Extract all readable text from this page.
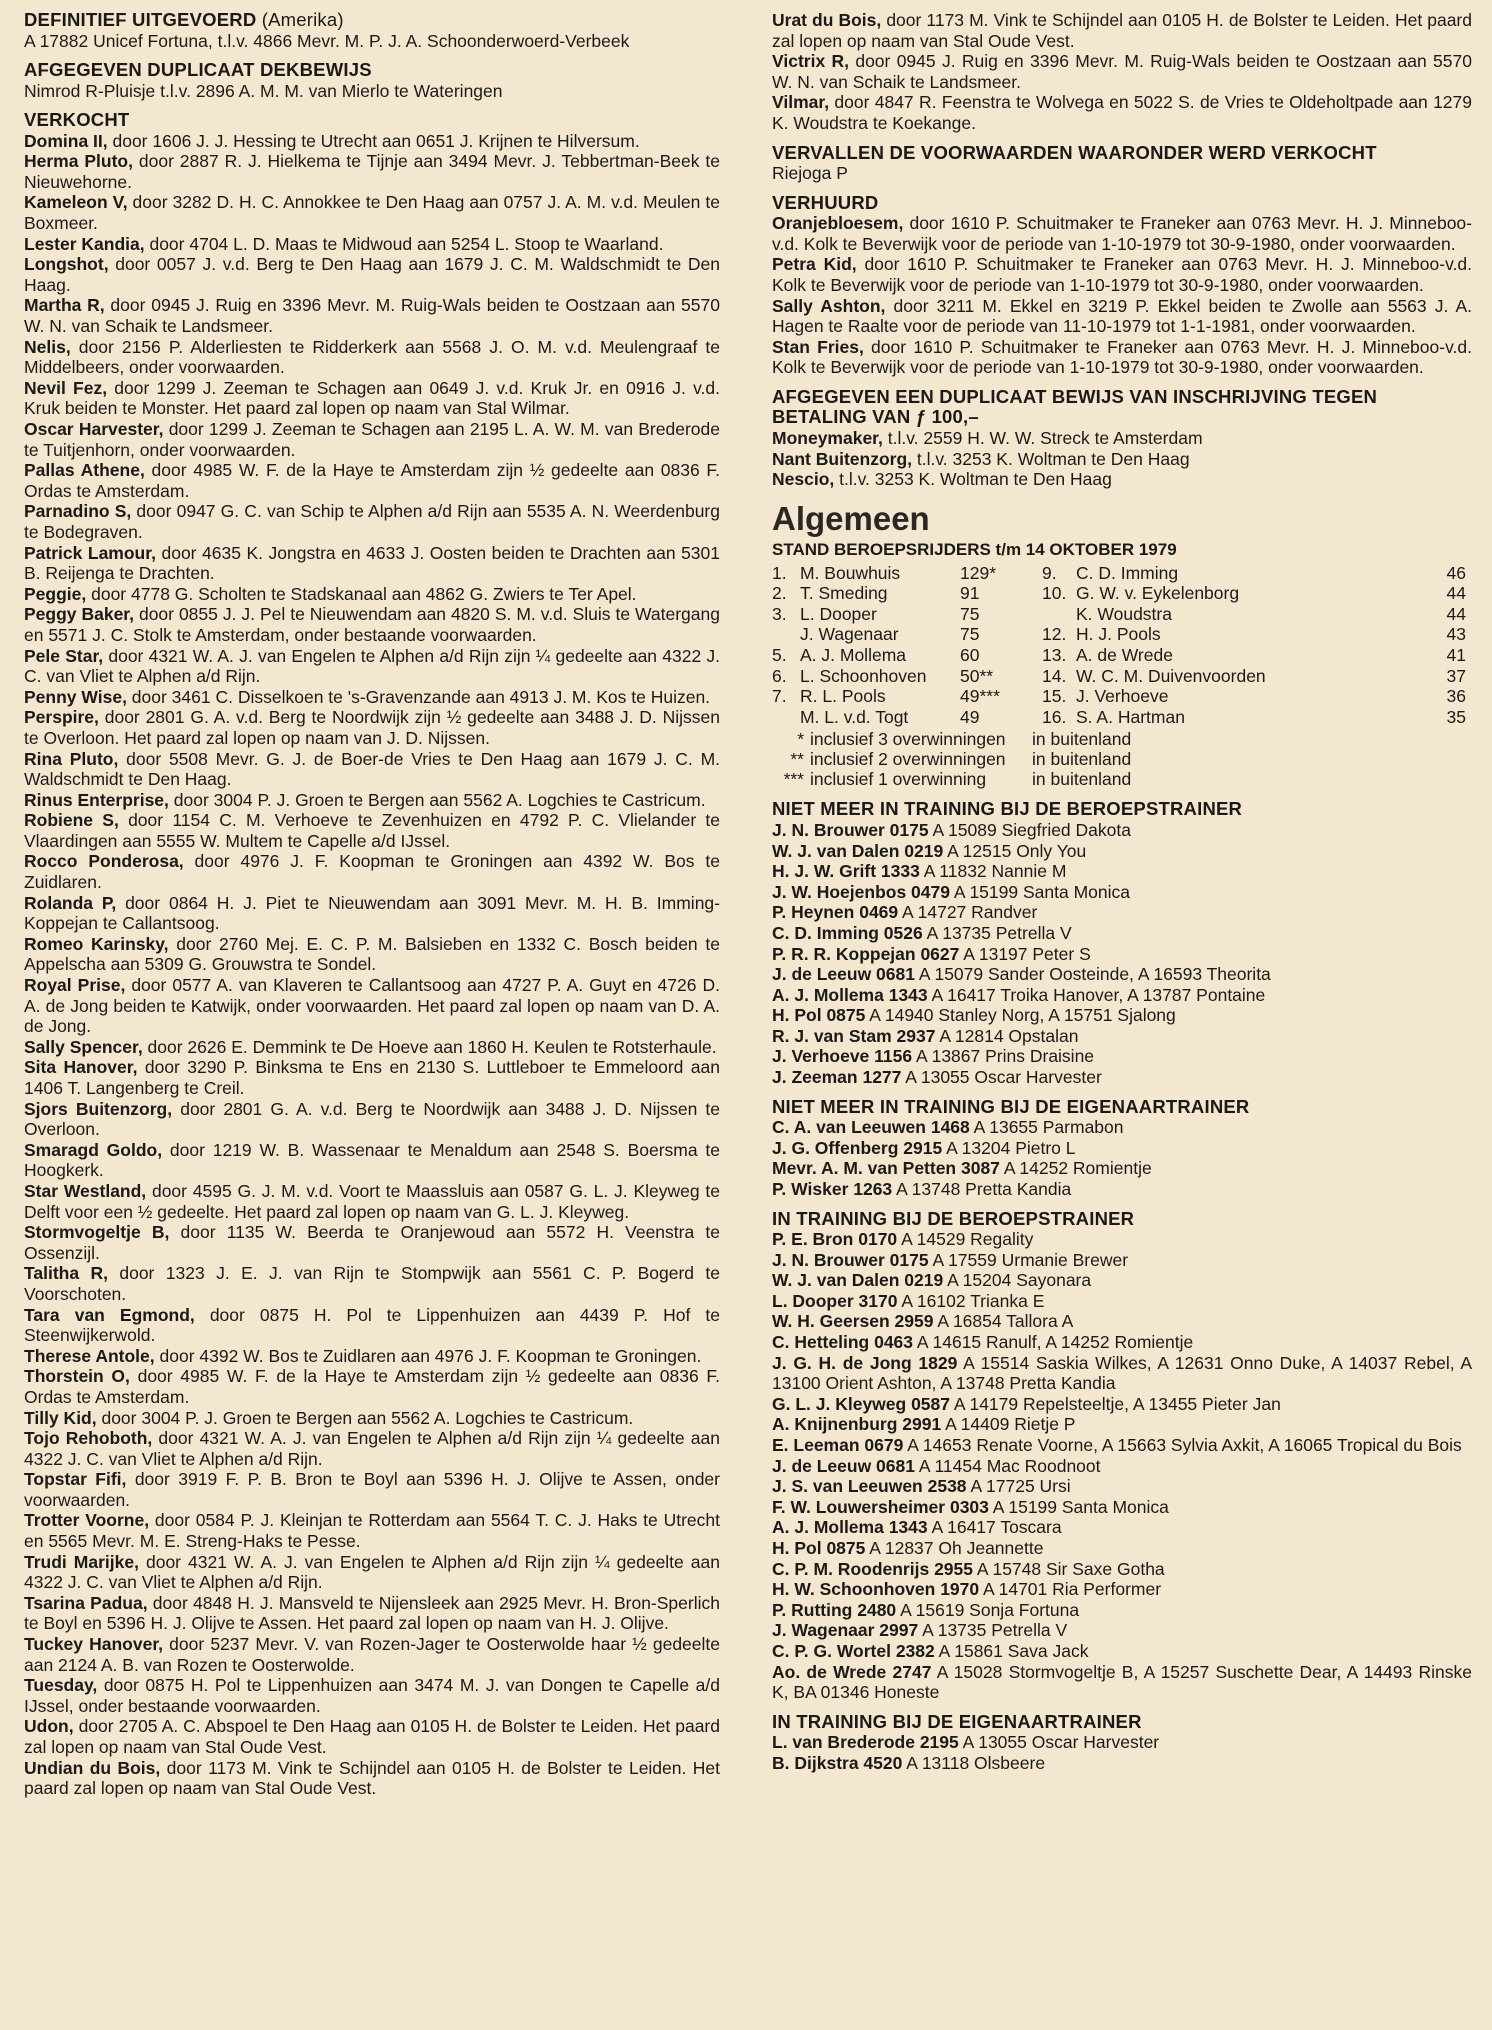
DEFINITIEF UITGEVOERD (Amerika)
A 17882 Unicef Fortuna, t.l.v. 4866 Mevr. M. P. J. A. Schoonderwoerd-Verbeek
AFGEGEVEN DUPLICAAT DEKBEWIJS
Nimrod R-Pluisje t.l.v. 2896 A. M. M. van Mierlo te Wateringen
VERKOCHT
Domina II, door 1606 J. J. Hessing te Utrecht aan 0651 J. Krijnen te Hilversum.
Herma Pluto, door 2887 R. J. Hielkema te Tijnje aan 3494 Mevr. J. Tebbertman-Beek te Nieuwehorne.
Kameleon V, door 3282 D. H. C. Annokkee te Den Haag aan 0757 J. A. M. v.d. Meulen te Boxmeer.
Lester Kandia, door 4704 L. D. Maas te Midwoud aan 5254 L. Stoop te Waarland.
Longshot, door 0057 J. v.d. Berg te Den Haag aan 1679 J. C. M. Waldschmidt te Den Haag.
Martha R, door 0945 J. Ruig en 3396 Mevr. M. Ruig-Wals beiden te Oostzaan aan 5570 W. N. van Schaik te Landsmeer.
Nelis, door 2156 P. Alderliesten te Ridderkerk aan 5568 J. O. M. v.d. Meulengraaf te Middelbeers, onder voorwaarden.
Nevil Fez, door 1299 J. Zeeman te Schagen aan 0649 J. v.d. Kruk Jr. en 0916 J. v.d. Kruk beiden te Monster. Het paard zal lopen op naam van Stal Wilmar.
Oscar Harvester, door 1299 J. Zeeman te Schagen aan 2195 L. A. W. M. van Brederode te Tuitjenhorn, onder voorwaarden.
Pallas Athene, door 4985 W. F. de la Haye te Amsterdam zijn ½ gedeelte aan 0836 F. Ordas te Amsterdam.
Parnadino S, door 0947 G. C. van Schip te Alphen a/d Rijn aan 5535 A. N. Weerdenburg te Bodegraven.
Patrick Lamour, door 4635 K. Jongstra en 4633 J. Oosten beiden te Drachten aan 5301 B. Reijenga te Drachten.
Peggie, door 4778 G. Scholten te Stadskanaal aan 4862 G. Zwiers te Ter Apel.
Peggy Baker, door 0855 J. J. Pel te Nieuwendam aan 4820 S. M. v.d. Sluis te Watergang en 5571 J. C. Stolk te Amsterdam, onder bestaande voorwaarden.
Pele Star, door 4321 W. A. J. van Engelen te Alphen a/d Rijn zijn ¼ gedeelte aan 4322 J. C. van Vliet te Alphen a/d Rijn.
Penny Wise, door 3461 C. Disselkoen te 's-Gravenzande aan 4913 J. M. Kos te Huizen.
Perspire, door 2801 G. A. v.d. Berg te Noordwijk zijn ½ gedeelte aan 3488 J. D. Nijssen te Overloon. Het paard zal lopen op naam van J. D. Nijssen.
Rina Pluto, door 5508 Mevr. G. J. de Boer-de Vries te Den Haag aan 1679 J. C. M. Waldschmidt te Den Haag.
Rinus Enterprise, door 3004 P. J. Groen te Bergen aan 5562 A. Logchies te Castricum.
Robiene S, door 1154 C. M. Verhoeve te Zevenhuizen en 4792 P. C. Vlielander te Vlaardingen aan 5555 W. Multem te Capelle a/d IJssel.
Rocco Ponderosa, door 4976 J. F. Koopman te Groningen aan 4392 W. Bos te Zuidlaren.
Rolanda P, door 0864 H. J. Piet te Nieuwendam aan 3091 Mevr. M. H. B. Imming-Koppejan te Callantsoog.
Romeo Karinsky, door 2760 Mej. E. C. P. M. Balsieben en 1332 C. Bosch beiden te Appelscha aan 5309 G. Grouwstra te Sondel.
Royal Prise, door 0577 A. van Klaveren te Callantsoog aan 4727 P. A. Guyt en 4726 D. A. de Jong beiden te Katwijk, onder voorwaarden. Het paard zal lopen op naam van D. A. de Jong.
Sally Spencer, door 2626 E. Demmink te De Hoeve aan 1860 H. Keulen te Rotsterhaule.
Sita Hanover, door 3290 P. Binksma te Ens en 2130 S. Luttleboer te Emmeloord aan 1406 T. Langenberg te Creil.
Sjors Buitenzorg, door 2801 G. A. v.d. Berg te Noordwijk aan 3488 J. D. Nijssen te Overloon.
Smaragd Goldo, door 1219 W. B. Wassenaar te Menaldum aan 2548 S. Boersma te Hoogkerk.
Star Westland, door 4595 G. J. M. v.d. Voort te Maassluis aan 0587 G. L. J. Kleyweg te Delft voor een ½ gedeelte. Het paard zal lopen op naam van G. L. J. Kleyweg.
Stormvogeltje B, door 1135 W. Beerda te Oranjewoud aan 5572 H. Veenstra te Ossenzijl.
Talitha R, door 1323 J. E. J. van Rijn te Stompwijk aan 5561 C. P. Bogerd te Voorschoten.
Tara van Egmond, door 0875 H. Pol te Lippenhuizen aan 4439 P. Hof te Steenwijkerwold.
Therese Antole, door 4392 W. Bos te Zuidlaren aan 4976 J. F. Koopman te Groningen.
Thorstein O, door 4985 W. F. de la Haye te Amsterdam zijn ½ gedeelte aan 0836 F. Ordas te Amsterdam.
Tilly Kid, door 3004 P. J. Groen te Bergen aan 5562 A. Logchies te Castricum.
Tojo Rehoboth, door 4321 W. A. J. van Engelen te Alphen a/d Rijn zijn ¼ gedeelte aan 4322 J. C. van Vliet te Alphen a/d Rijn.
Topstar Fifi, door 3919 F. P. B. Bron te Boyl aan 5396 H. J. Olijve te Assen, onder voorwaarden.
Trotter Voorne, door 0584 P. J. Kleinjan te Rotterdam aan 5564 T. C. J. Haks te Utrecht en 5565 Mevr. M. E. Streng-Haks te Pesse.
Trudi Marijke, door 4321 W. A. J. van Engelen te Alphen a/d Rijn zijn ¼ gedeelte aan 4322 J. C. van Vliet te Alphen a/d Rijn.
Tsarina Padua, door 4848 H. J. Mansveld te Nijensleek aan 2925 Mevr. H. Bron-Sperlich te Boyl en 5396 H. J. Olijve te Assen. Het paard zal lopen op naam van H. J. Olijve.
Tuckey Hanover, door 5237 Mevr. V. van Rozen-Jager te Oosterwolde haar ½ gedeelte aan 2124 A. B. van Rozen te Oosterwolde.
Tuesday, door 0875 H. Pol te Lippenhuizen aan 3474 M. J. van Dongen te Capelle a/d IJssel, onder bestaande voorwaarden.
Udon, door 2705 A. C. Abspoel te Den Haag aan 0105 H. de Bolster te Leiden. Het paard zal lopen op naam van Stal Oude Vest.
Undian du Bois, door 1173 M. Vink te Schijndel aan 0105 H. de Bolster te Leiden. Het paard zal lopen op naam van Stal Oude Vest.
Urat du Bois, door 1173 M. Vink te Schijndel aan 0105 H. de Bolster te Leiden. Het paard zal lopen op naam van Stal Oude Vest.
Victrix R, door 0945 J. Ruig en 3396 Mevr. M. Ruig-Wals beiden te Oostzaan aan 5570 W. N. van Schaik te Landsmeer.
Vilmar, door 4847 R. Feenstra te Wolvega en 5022 S. de Vries te Oldeholtpade aan 1279 K. Woudstra te Koekange.
VERVALLEN DE VOORWAARDEN WAARONDER WERD VERKOCHT
Riejoga P
VERHUURD
Oranjebloesem, door 1610 P. Schuitmaker te Franeker aan 0763 Mevr. H. J. Minneboo-v.d. Kolk te Beverwijk voor de periode van 1-10-1979 tot 30-9-1980, onder voorwaarden.
Petra Kid, door 1610 P. Schuitmaker te Franeker aan 0763 Mevr. H. J. Minneboo-v.d. Kolk te Beverwijk voor de periode van 1-10-1979 tot 30-9-1980, onder voorwaarden.
Sally Ashton, door 3211 M. Ekkel en 3219 P. Ekkel beiden te Zwolle aan 5563 J. A. Hagen te Raalte voor de periode van 11-10-1979 tot 1-1-1981, onder voorwaarden.
Stan Fries, door 1610 P. Schuitmaker te Franeker aan 0763 Mevr. H. J. Minneboo-v.d. Kolk te Beverwijk voor de periode van 1-10-1979 tot 30-9-1980, onder voorwaarden.
AFGEGEVEN EEN DUPLICAAT BEWIJS VAN INSCHRIJVING TEGEN BETALING VAN ƒ 100,–
Moneymaker, t.l.v. 2559 H. W. W. Streck te Amsterdam
Nant Buitenzorg, t.l.v. 3253 K. Woltman te Den Haag
Nescio, t.l.v. 3253 K. Woltman te Den Haag
Algemeen
STAND BEROEPSRIJDERS t/m 14 OKTOBER 1979
1.	M. Bouwhuis	129*	9.	C. D. Imming	46
2.	T. Smeding	91	10.	G. W. v. Eykelenborg	44
3.	L. Dooper	75		K. Woudstra	44
	J. Wagenaar	75	12.	H. J. Pools	43
5.	A. J. Mollema	60	13.	A. de Wrede	41
6.	L. Schoonhoven	50**	14.	W. C. M. Duivenvoorden	37
7.	R. L. Pools	49***	15.	J. Verhoeve	36
	M. L. v.d. Togt	49	16.	S. A. Hartman	35
* inclusief 3 overwinningen in buitenland
** inclusief 2 overwinningen in buitenland
*** inclusief 1 overwinning	in buitenland
NIET MEER IN TRAINING BIJ DE BEROEPSTRAINER
J. N. Brouwer 0175 A 15089 Siegfried Dakota
W. J. van Dalen 0219 A 12515 Only You
H. J. W. Grift 1333 A 11832 Nannie M
J. W. Hoejenbos 0479 A 15199 Santa Monica
P. Heynen 0469 A 14727 Randver
C. D. Imming 0526 A 13735 Petrella V
P. R. R. Koppejan 0627 A 13197 Peter S
J. de Leeuw 0681 A 15079 Sander Oosteinde, A 16593 Theorita
A. J. Mollema 1343 A 16417 Troika Hanover, A 13787 Pontaine
H. Pol 0875 A 14940 Stanley Norg, A 15751 Sjalong
R. J. van Stam 2937 A 12814 Opstalan
J. Verhoeve 1156 A 13867 Prins Draisine
J. Zeeman 1277 A 13055 Oscar Harvester
NIET MEER IN TRAINING BIJ DE EIGENAARTRAINER
C. A. van Leeuwen 1468 A 13655 Parmabon
J. G. Offenberg 2915 A 13204 Pietro L
Mevr. A. M. van Petten 3087 A 14252 Romientje
P. Wisker 1263 A 13748 Pretta Kandia
IN TRAINING BIJ DE BEROEPSTRAINER
P. E. Bron 0170 A 14529 Regality
J. N. Brouwer 0175 A 17559 Urmanie Brewer
W. J. van Dalen 0219 A 15204 Sayonara
L. Dooper 3170 A 16102 Trianka E
W. H. Geersen 2959 A 16854 Tallora A
C. Hetteling 0463 A 14615 Ranulf, A 14252 Romientje
J. G. H. de Jong 1829 A 15514 Saskia Wilkes, A 12631 Onno Duke, A 14037 Rebel, A 13100 Orient Ashton, A 13748 Pretta Kandia
G. L. J. Kleyweg 0587 A 14179 Repelsteeltje, A 13455 Pieter Jan
A. Knijnenburg 2991 A 14409 Rietje P
E. Leeman 0679 A 14653 Renate Voorne, A 15663 Sylvia Axkit, A 16065 Tropical du Bois
J. de Leeuw 0681 A 11454 Mac Roodnoot
J. S. van Leeuwen 2538 A 17725 Ursi
F. W. Louwersheimer 0303 A 15199 Santa Monica
A. J. Mollema 1343 A 16417 Toscara
H. Pol 0875 A 12837 Oh Jeannette
C. P. M. Roodenrijs 2955 A 15748 Sir Saxe Gotha
H. W. Schoonhoven 1970 A 14701 Ria Performer
P. Rutting 2480 A 15619 Sonja Fortuna
J. Wagenaar 2997 A 13735 Petrella V
C. P. G. Wortel 2382 A 15861 Sava Jack
Ao. de Wrede 2747 A 15028 Stormvogeltje B, A 15257 Suschette Dear, A 14493 Rinske K, BA 01346 Honeste
IN TRAINING BIJ DE EIGENAARTRAINER
L. van Brederode 2195 A 13055 Oscar Harvester
B. Dijkstra 4520 A 13118 Olsbeere
